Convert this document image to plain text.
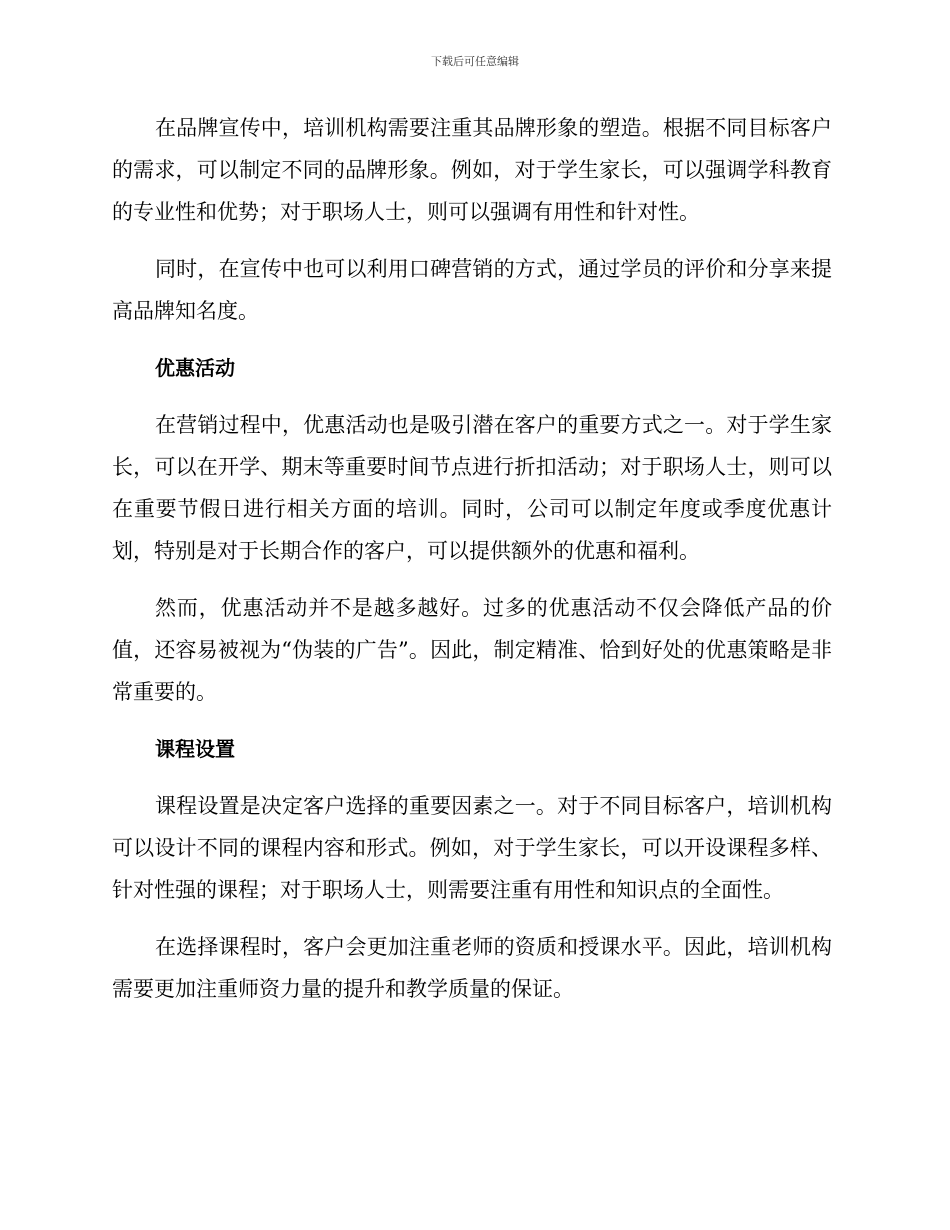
下载后可任意编辑

在品牌宣传中，培训机构需要注重其品牌形象的塑造。根据不同目标客户的需求，可以制定不同的品牌形象。例如，对于学生家长，可以强调学科教育的专业性和优势；对于职场人士，则可以强调有用性和针对性。

同时，在宣传中也可以利用口碑营销的方式，通过学员的评价和分享来提高品牌知名度。

优惠活动

在营销过程中，优惠活动也是吸引潜在客户的重要方式之一。对于学生家长，可以在开学、期末等重要时间节点进行折扣活动；对于职场人士，则可以在重要节假日进行相关方面的培训。同时，公司可以制定年度或季度优惠计划，特别是对于长期合作的客户，可以提供额外的优惠和福利。

然而，优惠活动并不是越多越好。过多的优惠活动不仅会降低产品的价值，还容易被视为“伪装的广告”。因此，制定精准、恰到好处的优惠策略是非常重要的。

课程设置

课程设置是决定客户选择的重要因素之一。对于不同目标客户，培训机构可以设计不同的课程内容和形式。例如，对于学生家长，可以开设课程多样、针对性强的课程；对于职场人士，则需要注重有用性和知识点的全面性。

在选择课程时，客户会更加注重老师的资质和授课水平。因此，培训机构需要更加注重师资力量的提升和教学质量的保证。
